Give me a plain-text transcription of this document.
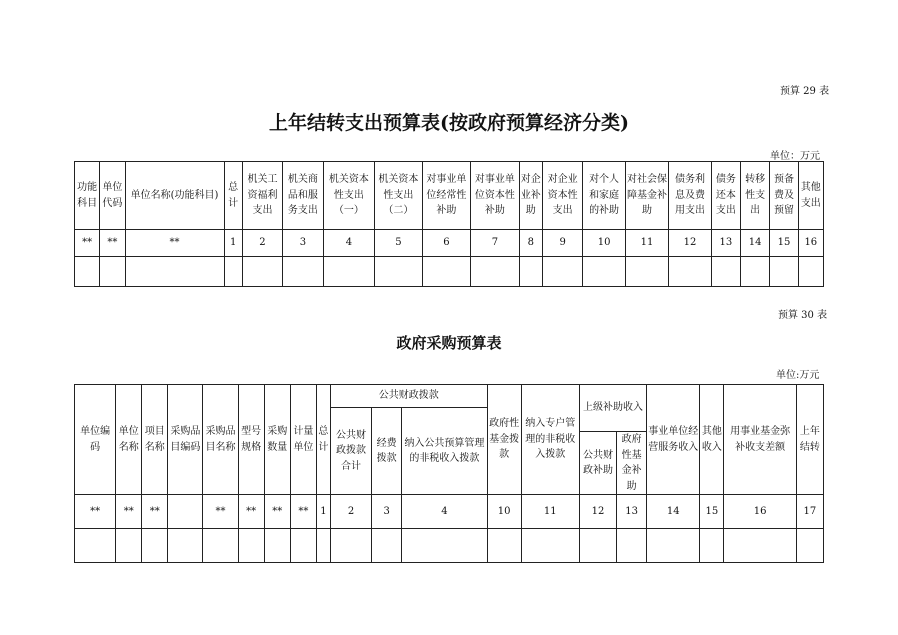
预算 29 表
上年结转支出预算表(按政府预算经济分类)
单位：万元
功能科目	单位代码	单位名称(功能科目)	总计	机关工资福利支出	机关商品和服务支出	机关资本性支出（一）	机关资本性支出（二）	对事业单位经常性补助	对事业单位资本性补助	对企业补助	对企业资本性支出	对个人和家庭的补助	对社会保障基金补助	债务利息及费用支出	债务还本支出	转移性支出	预备费及预留	其他支出
**	**	**	1	2	3	4	5	6	7	8	9	10	11	12	13	14	15	16

预算 30 表
政府采购预算表
单位:万元
单位编码	单位名称	项目名称	采购品目编码	采购品目名称	型号规格	采购数量	计量单位	总计	公共财政拨款			政府性基金拨款	纳入专户管理的非税收入拨款	上级补助收入		事业单位经营服务收入	其他收入	用事业基金弥补收支差额	上年结转
									公共财政拨款合计	经费拨款	纳入公共预算管理的非税收入拨款								
														公共财政补助	政府性基金补助				
**	**	**		**	**	**	**	1	2	3	4	10	11	12	13	14	15	16	17
